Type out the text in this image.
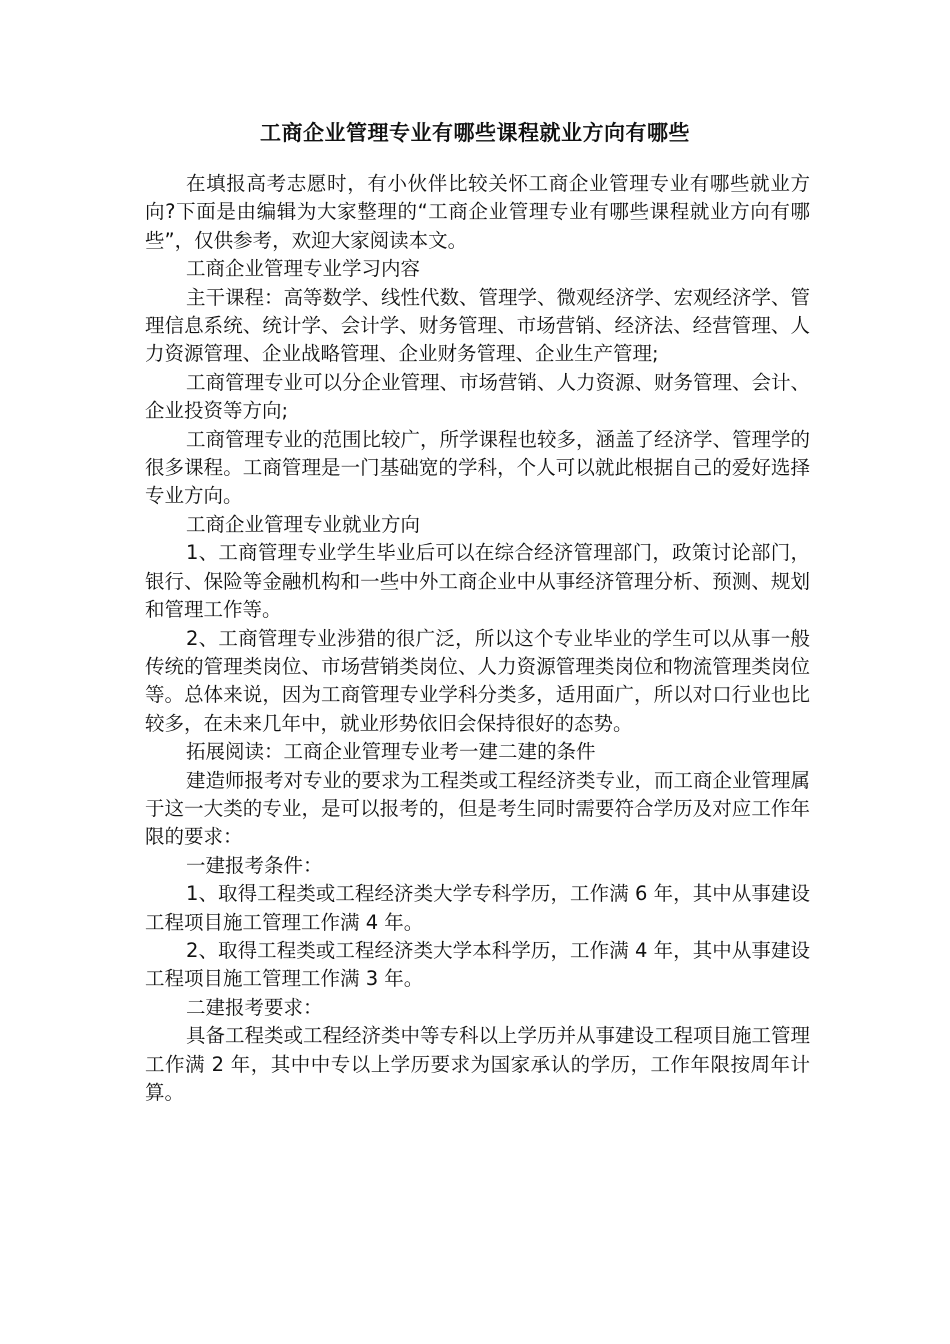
工商企业管理专业有哪些课程就业方向有哪些

在填报高考志愿时，有小伙伴比较关怀工商企业管理专业有哪些就业方向?下面是由编辑为大家整理的“工商企业管理专业有哪些课程就业方向有哪些”，仅供参考，欢迎大家阅读本文。

工商企业管理专业学习内容

主干课程：高等数学、线性代数、管理学、微观经济学、宏观经济学、管理信息系统、统计学、会计学、财务管理、市场营销、经济法、经营管理、人力资源管理、企业战略管理、企业财务管理、企业生产管理;

工商管理专业可以分企业管理、市场营销、人力资源、财务管理、会计、企业投资等方向;

工商管理专业的范围比较广，所学课程也较多，涵盖了经济学、管理学的很多课程。工商管理是一门基础宽的学科，个人可以就此根据自己的爱好选择专业方向。

工商企业管理专业就业方向

1、工商管理专业学生毕业后可以在综合经济管理部门，政策讨论部门，银行、保险等金融机构和一些中外工商企业中从事经济管理分析、预测、规划和管理工作等。

2、工商管理专业涉猎的很广泛，所以这个专业毕业的学生可以从事一般传统的管理类岗位、市场营销类岗位、人力资源管理类岗位和物流管理类岗位等。总体来说，因为工商管理专业学科分类多，适用面广，所以对口行业也比较多，在未来几年中，就业形势依旧会保持很好的态势。

拓展阅读：工商企业管理专业考一建二建的条件

建造师报考对专业的要求为工程类或工程经济类专业，而工商企业管理属于这一大类的专业，是可以报考的，但是考生同时需要符合学历及对应工作年限的要求：

一建报考条件：

1、取得工程类或工程经济类大学专科学历，工作满 6 年，其中从事建设工程项目施工管理工作满 4 年。

2、取得工程类或工程经济类大学本科学历，工作满 4 年，其中从事建设工程项目施工管理工作满 3 年。

二建报考要求：

具备工程类或工程经济类中等专科以上学历并从事建设工程项目施工管理工作满 2 年，其中中专以上学历要求为国家承认的学历，工作年限按周年计算。
